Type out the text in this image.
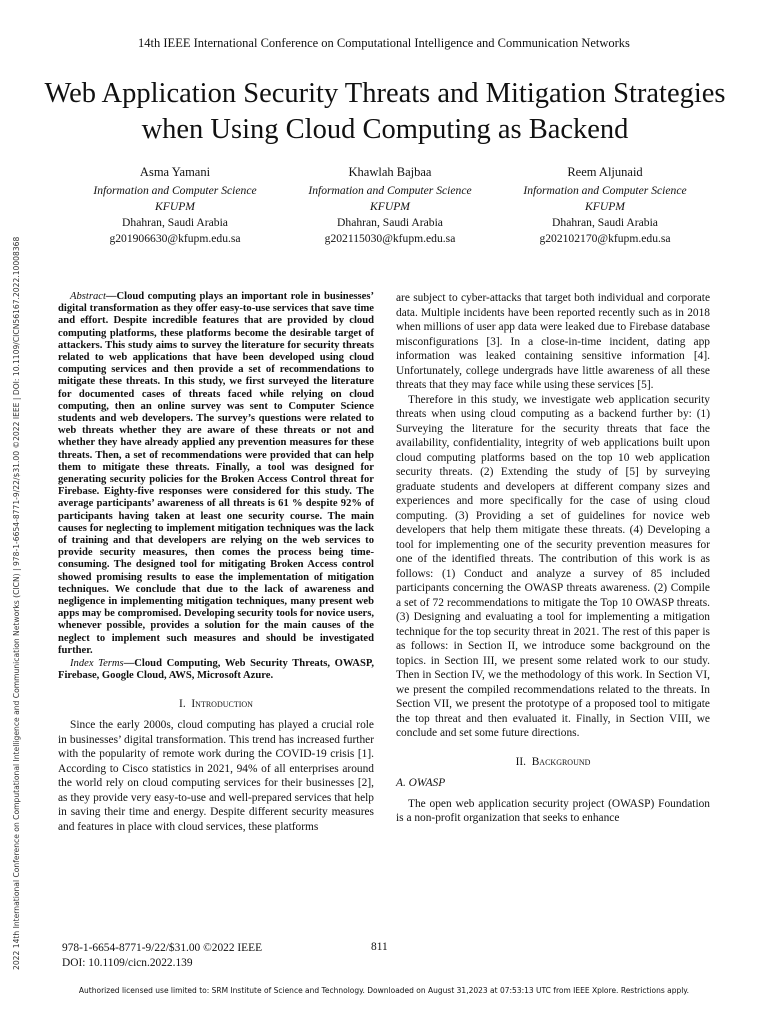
14th IEEE International Conference on Computational Intelligence and Communication Networks
Web Application Security Threats and Mitigation Strategies when Using Cloud Computing as Backend
Asma Yamani
Information and Computer Science
KFUPM
Dhahran, Saudi Arabia
g201906630@kfupm.edu.sa
Khawlah Bajbaa
Information and Computer Science
KFUPM
Dhahran, Saudi Arabia
g202115030@kfupm.edu.sa
Reem Aljunaid
Information and Computer Science
KFUPM
Dhahran, Saudi Arabia
g202102170@kfupm.edu.sa
2022 14th International Conference on Computational Intelligence and Communication Networks (CICN) | 978-1-6654-8771-9/22/$31.00 ©2022 IEEE | DOI: 10.1109/CICN56167.2022.10008368	Abstract—Cloud computing plays an important role in businesses’ digital transformation as they offer easy-to-use services that save time and effort. Despite incredible features that are provided by cloud computing platforms, these platforms become the desirable target of attackers. This study aims to survey the literature for security threats related to web applications that have been developed using cloud computing services and then provide a set of recommendations to mitigate these threats. In this study, we first surveyed the literature for documented cases of threats faced while relying on cloud computing, then an online survey was sent to Computer Science students and web developers. The survey’s questions were related to web threats whether they are aware of these threats or not and whether they have already applied any prevention measures for these threats. Then, a set of recommendations were provided that can help them to mitigate these threats. Finally, a tool was designed for generating security policies for the Broken Access Control threat for Firebase. Eighty-five responses were considered for this study. The average participants’ awareness of all threats is 61 % despite 92% of participants having taken at least one security course. The main causes for neglecting to implement mitigation techniques was the lack of training and that developers are relying on the web services to provide security measures, then comes the process being time-consuming. The designed tool for mitigating Broken Access control showed promising results to ease the implementation of mitigation techniques. We conclude that due to the lack of awareness and negligence in implementing mitigation techniques, many present web apps may be compromised. Developing security tools for novice users, whenever possible, provides a solution for the main causes of the neglect to implement such measures and should be investigated further.

Index Terms—Cloud Computing, Web Security Threats, OWASP, Firebase, Google Cloud, AWS, Microsoft Azure.

I. Introduction

Since the early 2000s, cloud computing has played a crucial role in businesses’ digital transformation. This trend has increased further with the popularity of remote work during the COVID-19 crisis [1]. According to Cisco statistics in 2021, 94% of all enterprises around the world rely on cloud computing services for their businesses [2], as they provide very easy-to-use and well-prepared services that help in saving their time and energy. Despite different security measures and features in place with cloud services, these platforms

are subject to cyber-attacks that target both individual and corporate data. Multiple incidents have been reported recently such as in 2018 when millions of user app data were leaked due to Firebase database misconfigurations [3]. In a close-in-time incident, dating app information was leaked containing sensitive information [4]. Unfortunately, college undergrads have little awareness of all these threats that they may face while using these services [5].

Therefore in this study, we investigate web application security threats when using cloud computing as a backend further by: (1) Surveying the literature for the security threats that face the availability, confidentiality, integrity of web applications built upon cloud computing platforms based on the top 10 web application security threats. (2) Extending the study of [5] by surveying graduate students and developers at different company sizes and experiences and more specifically for the case of using cloud computing. (3) Providing a set of guidelines for novice web developers that help them mitigate these threats. (4) Developing a tool for implementing one of the security prevention measures for one of the identified threats. The contribution of this work is as follows: (1) Conduct and analyze a survey of 85 included participants concerning the OWASP threats awareness. (2) Compile a set of 72 recommendations to mitigate the Top 10 OWASP threats. (3) Designing and evaluating a tool for implementing a mitigation technique for the top security threat in 2021. The rest of this paper is as follows: in Section II, we introduce some background on the topics. in Section III, we present some related work to our study. Then in Section IV, we the methodology of this work. In Section VI, we present the compiled recommendations related to the threats. In Section VII, we present the prototype of a proposed tool to mitigate the top threat and then evaluated it. Finally, in Section VIII, we conclude and set some future directions.

II. Background

A. OWASP

The open web application security project (OWASP) Foundation is a non-profit organization that seeks to enhance

978-1-6654-8771-9/22/$31.00 ©2022 IEEE
DOI: 10.1109/cicn.2022.139
811
Authorized licensed use limited to: SRM Institute of Science and Technology. Downloaded on August 31,2023 at 07:53:13 UTC from IEEE Xplore. Restrictions apply.
